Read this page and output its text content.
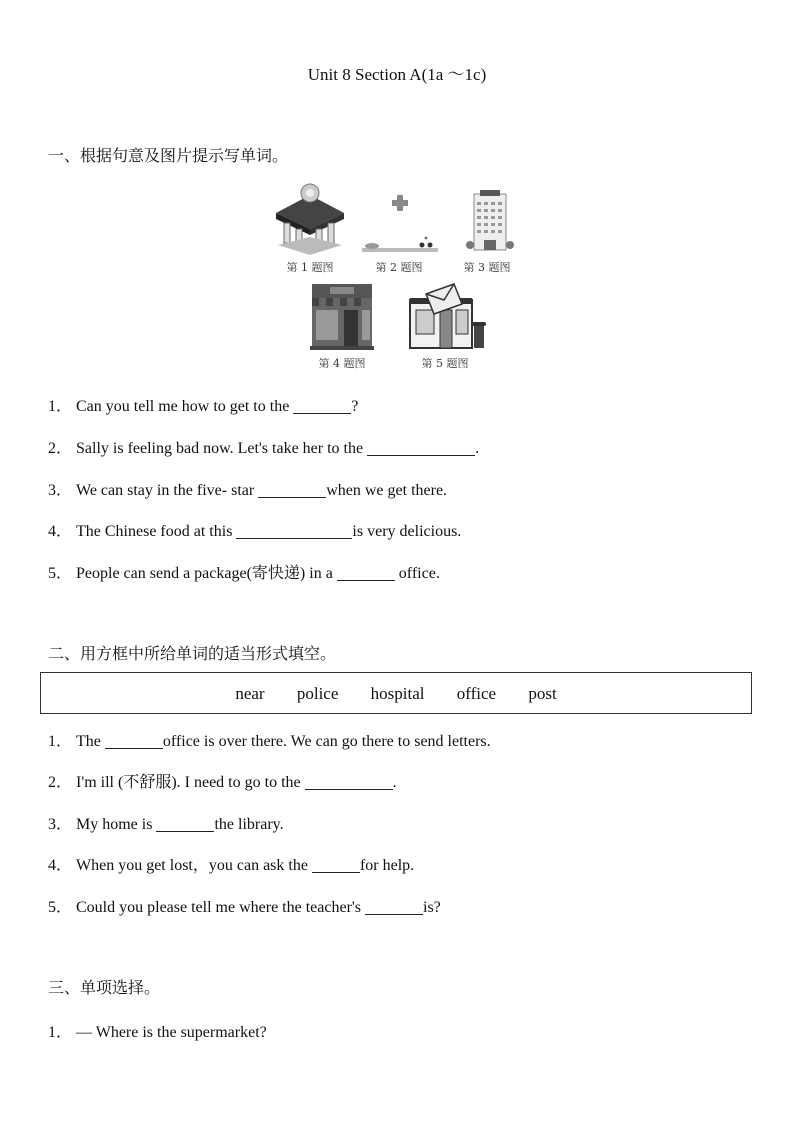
Unit 8 Section A(1a ～1c)
一、根据句意及图片提示写单词。
第 1 题图	第 2 题图	第 3 题图
第 4 题图	第 5 题图
1． Can you tell me how to get to the	?
2． Sally is feeling bad now. Let's take her to the	.
3． We can stay in the five- star	when we get there.
4． The Chinese food at this	is very delicious.
5． People can send a package(寄快递) in a	office.
二、用方框中所给单词的适当形式填空。
near police hospital office post
1． The	office is over there. We can go there to send letters.
2． I'm ill (不舒服). I need to go to the	.
3． My home is	the library.
4． When you get lost，you can ask the	for help.
5． Could you please tell me where the teacher's	is?
三、单项选择。
1． — Where is the supermarket?
